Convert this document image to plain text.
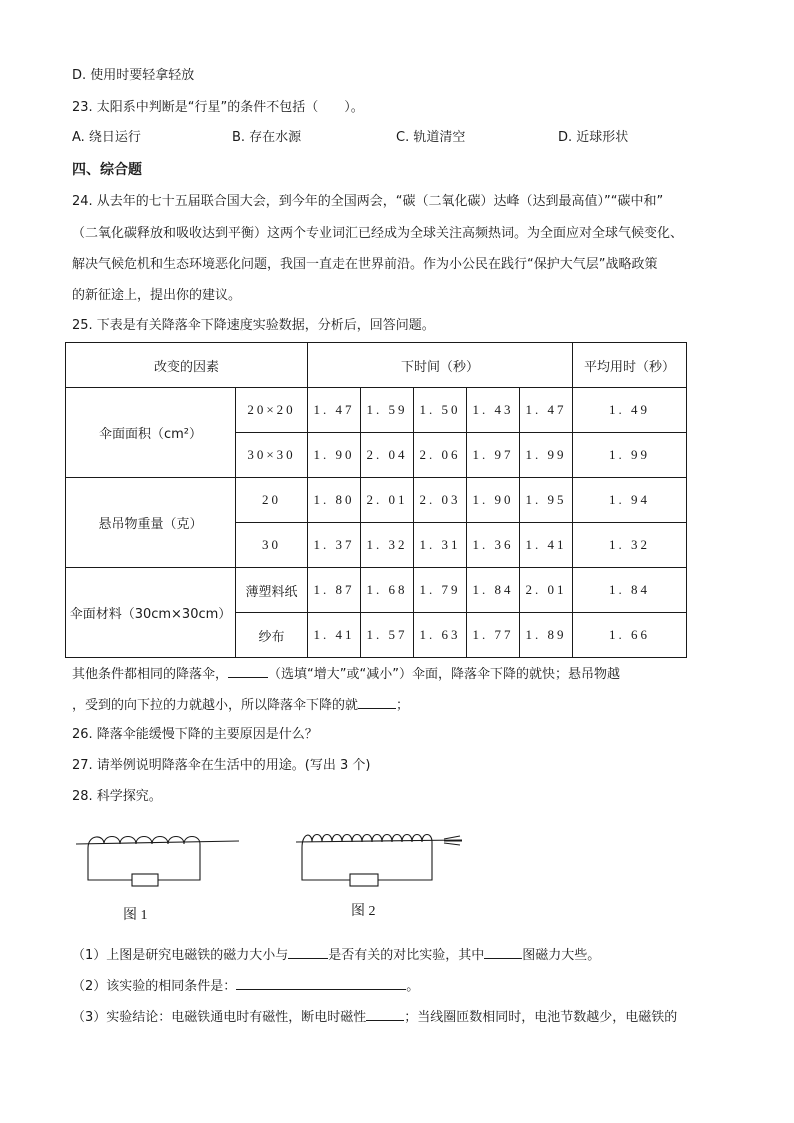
D. 使用时要轻拿轻放
23. 太阳系中判断是“行星”的条件不包括（　　）。
A. 绕日运行	B. 存在水源	C. 轨道清空	D. 近球形状
四、综合题
24. 从去年的七十五届联合国大会，到今年的全国两会，“碳（二氧化碳）达峰（达到最高值）”“碳中和”
（二氧化碳释放和吸收达到平衡）这两个专业词汇已经成为全球关注高频热词。为全面应对全球气候变化、
解决气候危机和生态环境恶化问题，我国一直走在世界前沿。作为小公民在践行“保护大气层”战略政策
的新征途上，提出你的建议。
25. 下表是有关降落伞下降速度实验数据，分析后，回答问题。
改变的因素		下时间（秒）					平均用时（秒）
伞面面积（cm²）	20×20	1. 47	1. 59	1. 50	1. 43	1. 47	1. 49
	30×30	1. 90	2. 04	2. 06	1. 97	1. 99	1. 99
悬吊物重量（克）	20	1. 80	2. 01	2. 03	1. 90	1. 95	1. 94
	30	1. 37	1. 32	1. 31	1. 36	1. 41	1. 32
伞面材料（30cm×30cm）	薄塑料纸	1. 87	1. 68	1. 79	1. 84	2. 01	1. 84
	纱布	1. 41	1. 57	1. 63	1. 77	1. 89	1. 66
其他条件都相同的降落伞，	（选填“增大”或“减小”）伞面，降落伞下降的就快；悬吊物越
，受到的向下拉的力就越小，所以降落伞下降的就	；
26. 降落伞能缓慢下降的主要原因是什么？
27. 请举例说明降落伞在生活中的用途。(写出 3 个)
28. 科学探究。
图 1	图 2
（1）上图是研究电磁铁的磁力大小与	是否有关的对比实验，其中	图磁力大些。
（2）该实验的相同条件是：	。
（3）实验结论：电磁铁通电时有磁性，断电时磁性	；当线圈匝数相同时，电池节数越少，电磁铁的
